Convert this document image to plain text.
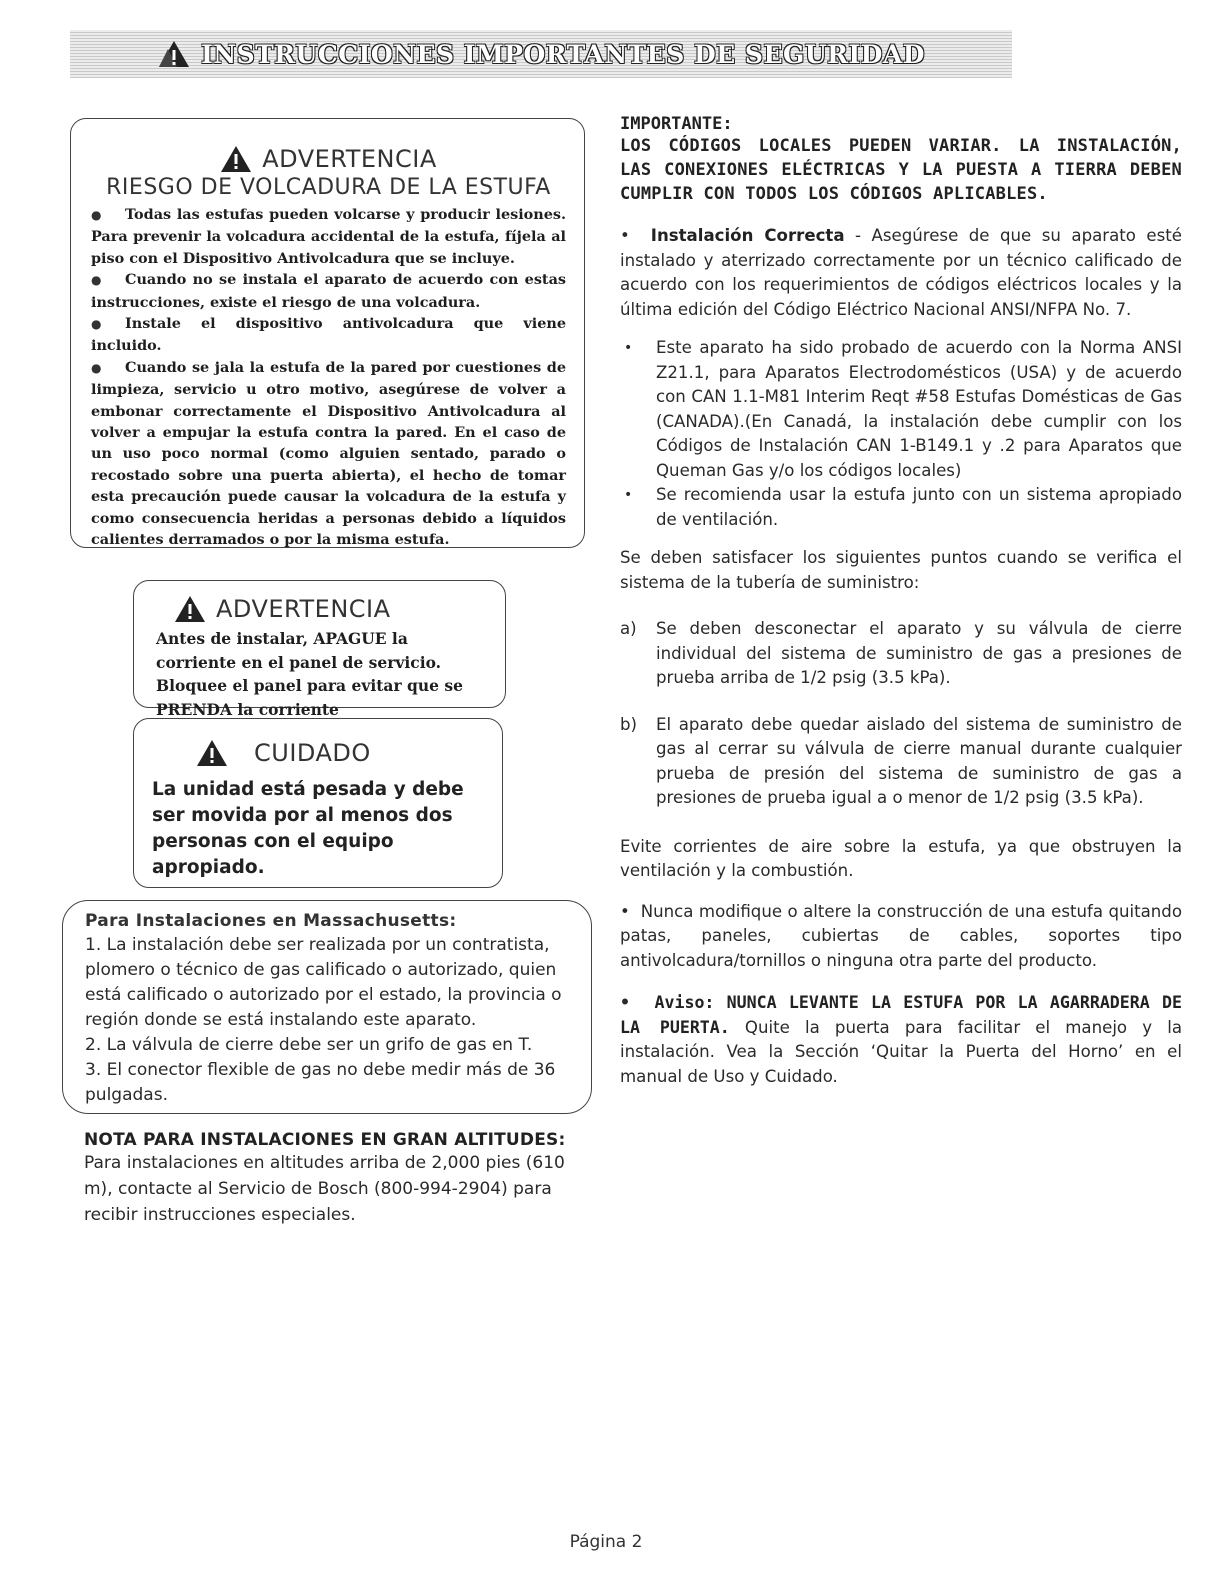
INSTRUCCIONES IMPORTANTES DE SEGURIDAD
ADVERTENCIA
RIESGO DE VOLCADURA DE LA ESTUFA
● Todas las estufas pueden volcarse y producir lesiones. Para prevenir la volcadura accidental de la estufa, fíjela al piso con el Dispositivo Antivolcadura que se incluye.
● Cuando no se instala el aparato de acuerdo con estas instrucciones, existe el riesgo de una volcadura.
● Instale el dispositivo antivolcadura que viene incluido.
● Cuando se jala la estufa de la pared por cuestiones de limpieza, servicio u otro motivo, asegúrese de volver a embonar correctamente el Dispositivo Antivolcadura al volver a empujar la estufa contra la pared. En el caso de un uso poco normal (como alguien sentado, parado o recostado sobre una puerta abierta), el hecho de tomar esta precaución puede causar la volcadura de la estufa y como consecuencia heridas a personas debido a líquidos calientes derramados o por la misma estufa.
ADVERTENCIA
Antes de instalar, APAGUE la corriente en el panel de servicio. Bloquee el panel para evitar que se PRENDA la corriente
CUIDADO
La unidad está pesada y debe ser movida por al menos dos personas con el equipo apropiado.
Para Instalaciones en Massachusetts:
1. La instalación debe ser realizada por un contratista, plomero o técnico de gas calificado o autorizado, quien está calificado o autorizado por el estado, la provincia o región donde se está instalando este aparato.
2. La válvula de cierre debe ser un grifo de gas en T.
3. El conector flexible de gas no debe medir más de 36 pulgadas.
NOTA PARA INSTALACIONES EN GRAN ALTITUDES:
Para instalaciones en altitudes arriba de 2,000 pies (610 m), contacte al Servicio de Bosch (800-994-2904) para recibir instrucciones especiales.
IMPORTANTE:
LOS CÓDIGOS LOCALES PUEDEN VARIAR. LA INSTALACIÓN, LAS CONEXIONES ELÉCTRICAS Y LA PUESTA A TIERRA DEBEN CUMPLIR CON TODOS LOS CÓDIGOS APLICABLES.
•  Instalación Correcta - Asegúrese de que su aparato esté instalado y aterrizado correctamente por un técnico calificado de acuerdo con los requerimientos de códigos eléctricos locales y la última edición del Código Eléctrico Nacional ANSI/NFPA No. 7.
• Este aparato ha sido probado de acuerdo con la Norma ANSI Z21.1, para Aparatos Electrodomésticos (USA) y de acuerdo con CAN 1.1-M81 Interim Reqt #58 Estufas Domésticas de Gas (CANADA).(En Canadá, la instalación debe cumplir con los Códigos de Instalación CAN 1-B149.1 y .2 para Aparatos que Queman Gas y/o los códigos locales)
• Se recomienda usar la estufa junto con un sistema apropiado de ventilación.
Se deben satisfacer los siguientes puntos cuando se verifica el sistema de la tubería de suministro:
a) Se deben desconectar el aparato y su válvula de cierre individual del sistema de suministro de gas a presiones de prueba arriba de 1/2 psig (3.5 kPa).
b) El aparato debe quedar aislado del sistema de suministro de gas al cerrar su válvula de cierre manual durante cualquier prueba de presión del sistema de suministro de gas a presiones de prueba igual a o menor de 1/2 psig (3.5 kPa).
Evite corrientes de aire sobre la estufa, ya que obstruyen la ventilación y la combustión.
•  Nunca modifique o altere la construcción de una estufa quitando patas, paneles, cubiertas de cables, soportes tipo antivolcadura/tornillos o ninguna otra parte del producto.
•  Aviso: NUNCA LEVANTE LA ESTUFA POR LA AGARRADERA DE LA PUERTA. Quite la puerta para facilitar el manejo y la instalación. Vea la Sección ‘Quitar la Puerta del Horno’ en el manual de Uso y Cuidado.
Página 2
